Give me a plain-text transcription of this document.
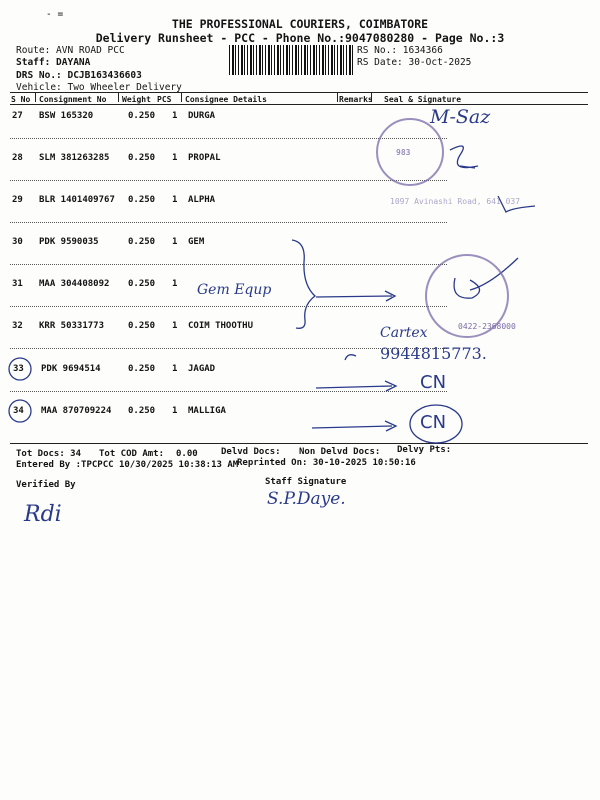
- =
THE PROFESSIONAL COURIERS, COIMBATORE
Delivery Runsheet - PCC - Phone No.:9047080280 - Page No.:3
Route: AVN ROAD PCC
Staff: DAYANA
DRS No.: DCJB163436603
Vehicle: Two Wheeler Delivery
RS No.: 1634366
RS Date: 30-Oct-2025
S No Consignment No Weight PCS Consignee Details	Remarks Seal & Signature
27 BSW 165320	0.250 1 DURGA
28 SLM 381263285 0.250 1 PROPAL
29 BLR 1401409767 0.250 1 ALPHA
30 PDK 9590035	0.250 1 GEM
31 MAA 304408092 0.250 1
32 KRR 50331773	0.250 1 COIM THOOTHU
33 PDK 9694514	0.250 1 JAGAD
34 MAA 870709224 0.250 1 MALLIGA
983
1097 Avinashi Road, 641 037
0422-2368000
M-Saz
Gem Equp
Cartex
9944815773.
CN
CN
Tot Docs: 34 Tot COD Amt: 0.00	Delvd Docs: Non Delvd Docs: Delvy Pts:
Entered By :TPCPCC 10/30/2025 10:38:13 AM
Reprinted On: 30-10-2025 10:50:16
Verified By	Staff Signature
Rdi
S.P.Daye.
